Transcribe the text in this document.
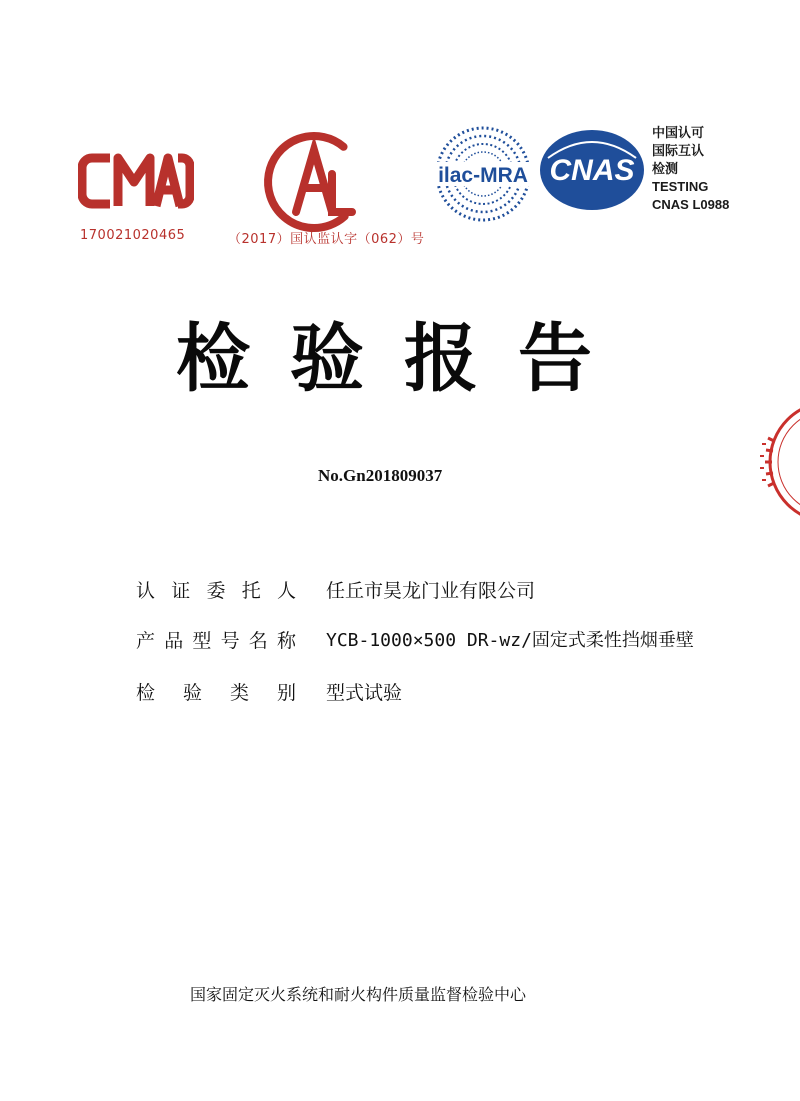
170021020465	（2017）国认监认字（062）号
ilac-MRA CNAS
中国认可
国际互认
检测
TESTING
CNAS L0988
检验报告
No.Gn201809037
认 证 委 托 人 任丘市昊龙门业有限公司
产 品 型 号 名 称 YCB-1000×500 DR-wz/固定式柔性挡烟垂壁
检 验 类 别 型式试验
国家固定灭火系统和耐火构件质量监督检验中心
